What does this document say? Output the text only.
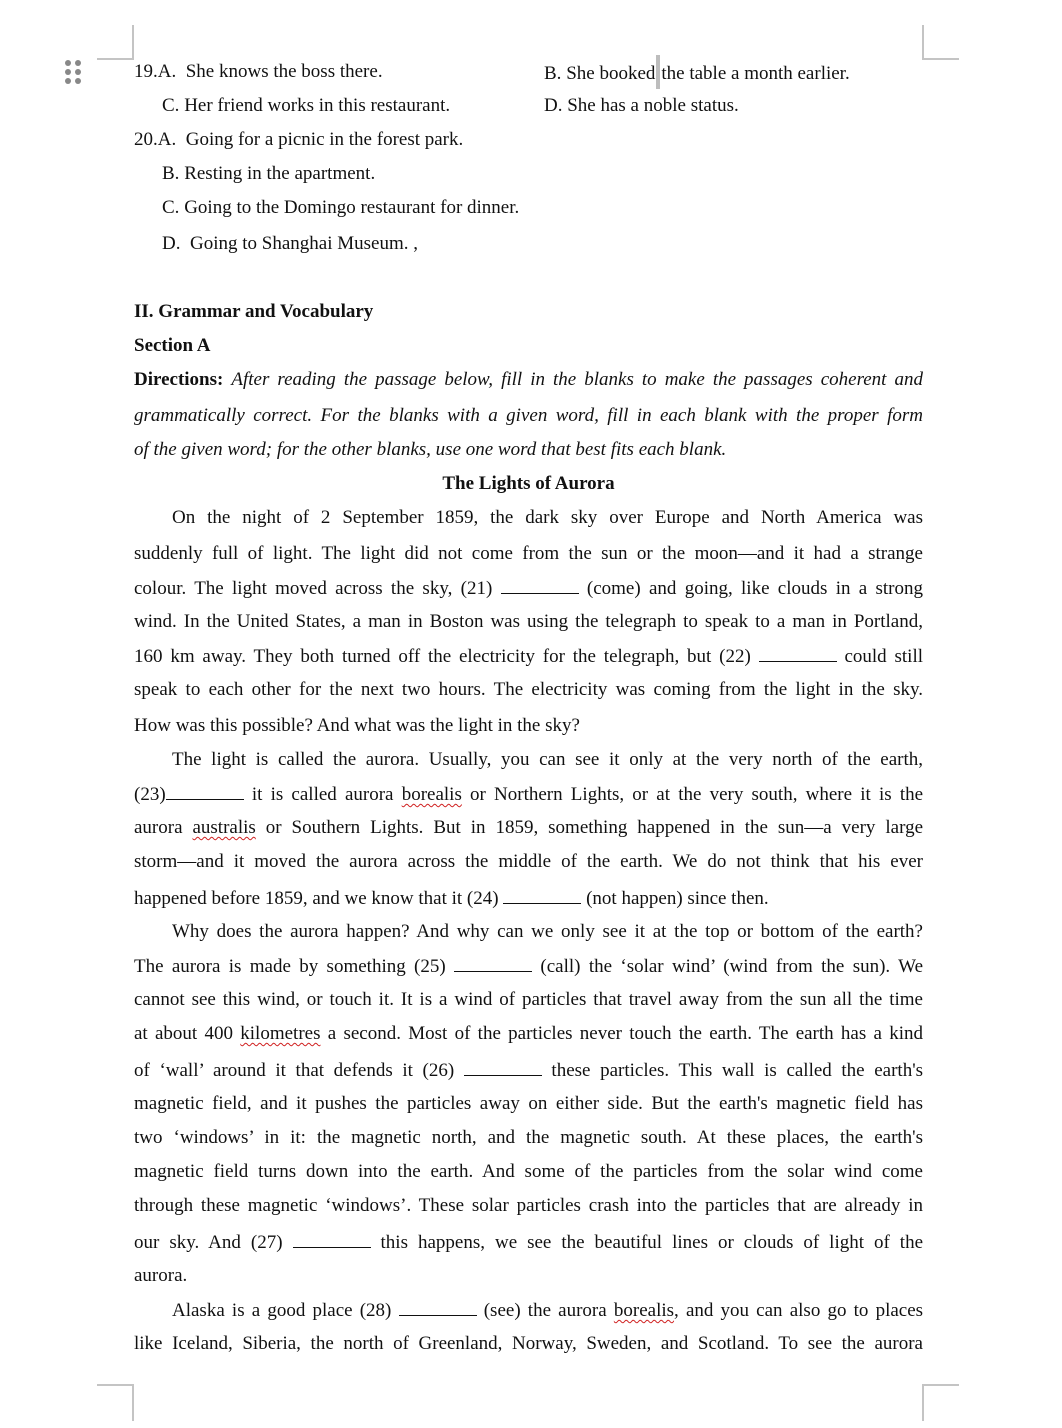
19.A. She knows the boss there.	B. She booked the table a month earlier.
C. Her friend works in this restaurant.	D. She has a noble status.
20.A. Going for a picnic in the forest park.
B. Resting in the apartment.
C. Going to the Domingo restaurant for dinner.
D. Going to Shanghai Museum. ,
II. Grammar and Vocabulary
Section A
Directions: After reading the passage below, fill in the blanks to make the passages coherent and
grammatically correct. For the blanks with a given word, fill in each blank with the proper form
of the given word; for the other blanks, use one word that best fits each blank.
The Lights of Aurora
On the night of 2 September 1859, the dark sky over Europe and North America was
suddenly full of light. The light did not come from the sun or the moon—and it had a strange
colour. The light moved across the sky, (21)	(come) and going, like clouds in a strong
wind. In the United States, a man in Boston was using the telegraph to speak to a man in Portland,
160 km away. They both turned off the electricity for the telegraph, but (22)	could still
speak to each other for the next two hours. The electricity was coming from the light in the sky.
How was this possible? And what was the light in the sky?
The light is called the aurora. Usually, you can see it only at the very north of the earth,
(23)	it is called aurora borealis or Northern Lights, or at the very south, where it is the
aurora australis or Southern Lights. But in 1859, something happened in the sun—a very large
storm—and it moved the aurora across the middle of the earth. We do not think that his ever
happened before 1859, and we know that it (24)	(not happen) since then.
Why does the aurora happen? And why can we only see it at the top or bottom of the earth?
The aurora is made by something (25)	(call) the ‘solar wind’ (wind from the sun). We
cannot see this wind, or touch it. It is a wind of particles that travel away from the sun all the time
at about 400 kilometres a second. Most of the particles never touch the earth. The earth has a kind
of ‘wall’ around it that defends it (26)	these particles. This wall is called the earth's
magnetic field, and it pushes the particles away on either side. But the earth's magnetic field has
two ‘windows’ in it: the magnetic north, and the magnetic south. At these places, the earth's
magnetic field turns down into the earth. And some of the particles from the solar wind come
through these magnetic ‘windows’. These solar particles crash into the particles that are already in
our sky. And (27)	this happens, we see the beautiful lines or clouds of light of the
aurora.
Alaska is a good place (28)	(see) the aurora borealis, and you can also go to places
like Iceland, Siberia, the north of Greenland, Norway, Sweden, and Scotland. To see the aurora
